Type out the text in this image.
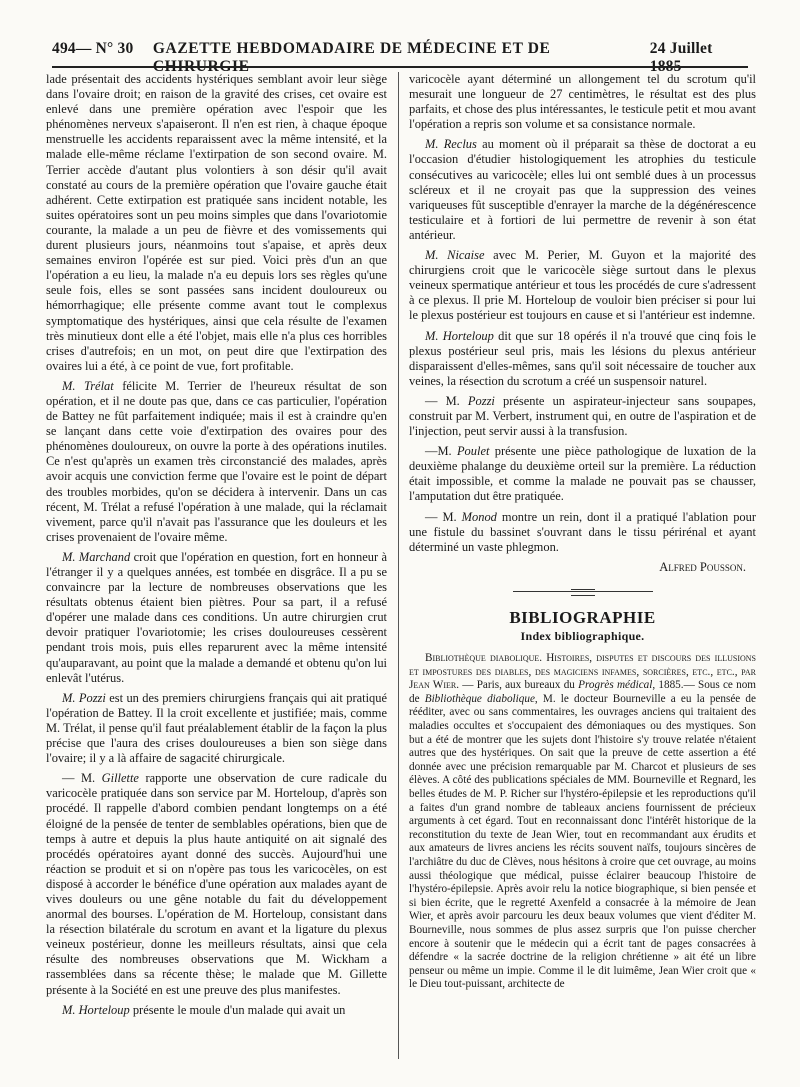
494 — N° 30 —
GAZETTE HEBDOMADAIRE DE MÉDECINE ET DE CHIRURGIE
24 Juillet 1885

lade présentait des accidents hystériques semblant avoir leur siège dans l'ovaire droit; en raison de la gravité des crises, cet ovaire est enlevé dans une première opération avec l'espoir que les phénomènes nerveux s'apaiseront. Il n'en est rien, à chaque époque menstruelle les accidents reparaissent avec la même intensité, et la malade elle-même réclame l'extirpation de son second ovaire. M. Terrier accède d'autant plus volontiers à son désir qu'il avait constaté au cours de la première opération que l'ovaire gauche était adhérent. Cette extirpation est pratiquée sans incident notable, les suites opératoires sont un peu moins simples que dans l'ovariotomie courante, la malade a un peu de fièvre et des vomissements qui durent plusieurs jours, néanmoins tout s'apaise, et après deux semaines environ l'opérée est sur pied. Voici près d'un an que l'opération a eu lieu, la malade n'a eu depuis lors ses règles qu'une seule fois, elles se sont passées sans incident douloureux ou hémorrhagique; elle présente comme avant tout le complexus symptomatique des hystériques, ainsi que cela résulte de l'examen très minutieux dont elle a été l'objet, mais elle n'a plus ces horribles crises d'autrefois; en un mot, on peut dire que l'extirpation des ovaires lui a été, à ce point de vue, fort profitable.

M. Trélat félicite M. Terrier de l'heureux résultat de son opération, et il ne doute pas que, dans ce cas particulier, l'opération de Battey ne fût parfaitement indiquée; mais il est à craindre qu'en se lançant dans cette voie d'extirpation des ovaires pour des phénomènes douloureux, on ouvre la porte à des opérations inutiles. Ce n'est qu'après un examen très circonstancié des malades, après avoir acquis une conviction ferme que l'ovaire est le point de départ des troubles morbides, qu'on se décidera à intervenir. Dans un cas récent, M. Trélat a refusé l'opération à une malade, qui la réclamait vivement, parce qu'il n'avait pas l'assurance que les douleurs et les crises provenaient de l'ovaire même.

M. Marchand croit que l'opération en question, fort en honneur à l'étranger il y a quelques années, est tombée en disgrâce. Il a pu se convaincre par la lecture de nombreuses observations que les résultats obtenus étaient bien piètres. Pour sa part, il a refusé d'opérer une malade dans ces conditions. Un autre chirurgien crut devoir pratiquer l'ovariotomie; les crises douloureuses cessèrent pendant trois mois, puis elles reparurent avec la même intensité qu'auparavant, au point que la malade a demandé et obtenu qu'on lui enlevât l'utérus.

M. Pozzi est un des premiers chirurgiens français qui ait pratiqué l'opération de Battey. Il la croit excellente et justifiée; mais, comme M. Trélat, il pense qu'il faut préalablement établir de la façon la plus précise que l'aura des crises douloureuses a bien son siège dans l'ovaire; il y a là affaire de sagacité chirurgicale.

— M. Gillette rapporte une observation de cure radicale du varicocèle pratiquée dans son service par M. Horteloup, d'après son procédé. Il rappelle d'abord combien pendant longtemps on a été éloigné de la pensée de tenter de semblables opérations, bien que de temps à autre et depuis la plus haute antiquité on ait signalé des procédés opératoires ayant donné des succès. Aujourd'hui une réaction se produit et si on n'opère pas tous les varicocèles, on est disposé à accorder le bénéfice d'une opération aux malades ayant de vives douleurs ou une gêne notable du fait du développement anormal des bourses. L'opération de M. Horteloup, consistant dans la résection bilatérale du scrotum en avant et la ligature du plexus veineux postérieur, donne les meilleurs résultats, ainsi que cela résulte des nombreuses observations que M. Wickham a rassemblées dans sa récente thèse; le malade que M. Gillette présente à la Société en est une preuve des plus manifestes.

M. Horteloup présente le moule d'un malade qui avait un

varicocèle ayant déterminé un allongement tel du scrotum qu'il mesurait une longueur de 27 centimètres, le résultat est des plus parfaits, et chose des plus intéressantes, le testicule petit et mou avant l'opération a repris son volume et sa consistance normale.

M. Reclus au moment où il préparait sa thèse de doctorat a eu l'occasion d'étudier histologiquement les atrophies du testicule consécutives au varicocèle; elles lui ont semblé dues à un processus scléreux et il ne croyait pas que la suppression des veines variqueuses fût susceptible d'enrayer la marche de la dégénérescence testiculaire et à fortiori de lui permettre de revenir à son état antérieur.

M. Nicaise avec M. Perier, M. Guyon et la majorité des chirurgiens croit que le varicocèle siège surtout dans le plexus veineux spermatique antérieur et tous les procédés de cure s'adressent à ce plexus. Il prie M. Horteloup de vouloir bien préciser si pour lui le plexus postérieur est toujours en cause et si l'antérieur est indemne.

M. Horteloup dit que sur 18 opérés il n'a trouvé que cinq fois le plexus postérieur seul pris, mais les lésions du plexus antérieur disparaissent d'elles-mêmes, sans qu'il soit nécessaire de toucher aux veines, la résection du scrotum a créé un suspensoir naturel.

— M. Pozzi présente un aspirateur-injecteur sans soupapes, construit par M. Verbert, instrument qui, en outre de l'aspiration et de l'injection, peut servir aussi à la transfusion.

—M. Poulet présente une pièce pathologique de luxation de la deuxième phalange du deuxième orteil sur la première. La réduction était impossible, et comme la malade ne pouvait pas se chausser, l'amputation dut être pratiquée.

— M. Monod montre un rein, dont il a pratiqué l'ablation pour une fistule du bassinet s'ouvrant dans le tissu périrénal et ayant déterminé un vaste phlegmon.

Alfred Pousson.
BIBLIOGRAPHIE
Index bibliographique.

Bibliothèque diabolique. Histoires, disputes et discours des illusions et impostures des diables, des magiciens infames, sorcières, etc., etc., par Jean Wier. — Paris, aux bureaux du Progrès médical, 1885.— Sous ce nom de Bibliothèque diabolique, M. le docteur Bourneville a eu la pensée de rééditer, avec ou sans commentaires, les ouvrages anciens qui traitaient des maladies occultes et s'occupaient des démoniaques ou des mystiques. Son but a été de montrer que les sujets dont l'histoire s'y trouve relatée n'étaient autres que des hystériques. On sait que la preuve de cette assertion a été donnée avec une précision remarquable par M. Charcot et plusieurs de ses élèves. A côté des publications spéciales de MM. Bourneville et Regnard, les belles études de M. P. Richer sur l'hystéro-épilepsie et les reproductions qu'il a faites d'un grand nombre de tableaux anciens fournissent de précieux arguments à cet égard. Tout en reconnaissant donc l'intérêt historique de la reconstitution du texte de Jean Wier, tout en recommandant aux érudits et aux amateurs de livres anciens les récits souvent naïfs, toujours sincères de l'archiâtre du duc de Clèves, nous hésitons à croire que cet ouvrage, au moins aussi théologique que médical, puisse éclairer beaucoup l'histoire de l'hystéro-épilepsie. Après avoir relu la notice biographique, si bien pensée et si bien écrite, que le regretté Axenfeld a consacrée à la mémoire de Jean Wier, et après avoir parcouru les deux beaux volumes que vient d'éditer M. Bourneville, nous sommes de plus assez surpris que l'on puisse chercher encore à soutenir que le médecin qui a écrit tant de pages consacrées à défendre « la sacrée doctrine de la religion chrétienne » ait été un libre penseur ou même un impie. Comme il le dit luimême, Jean Wier croit que « le Dieu tout-puissant, architecte de
